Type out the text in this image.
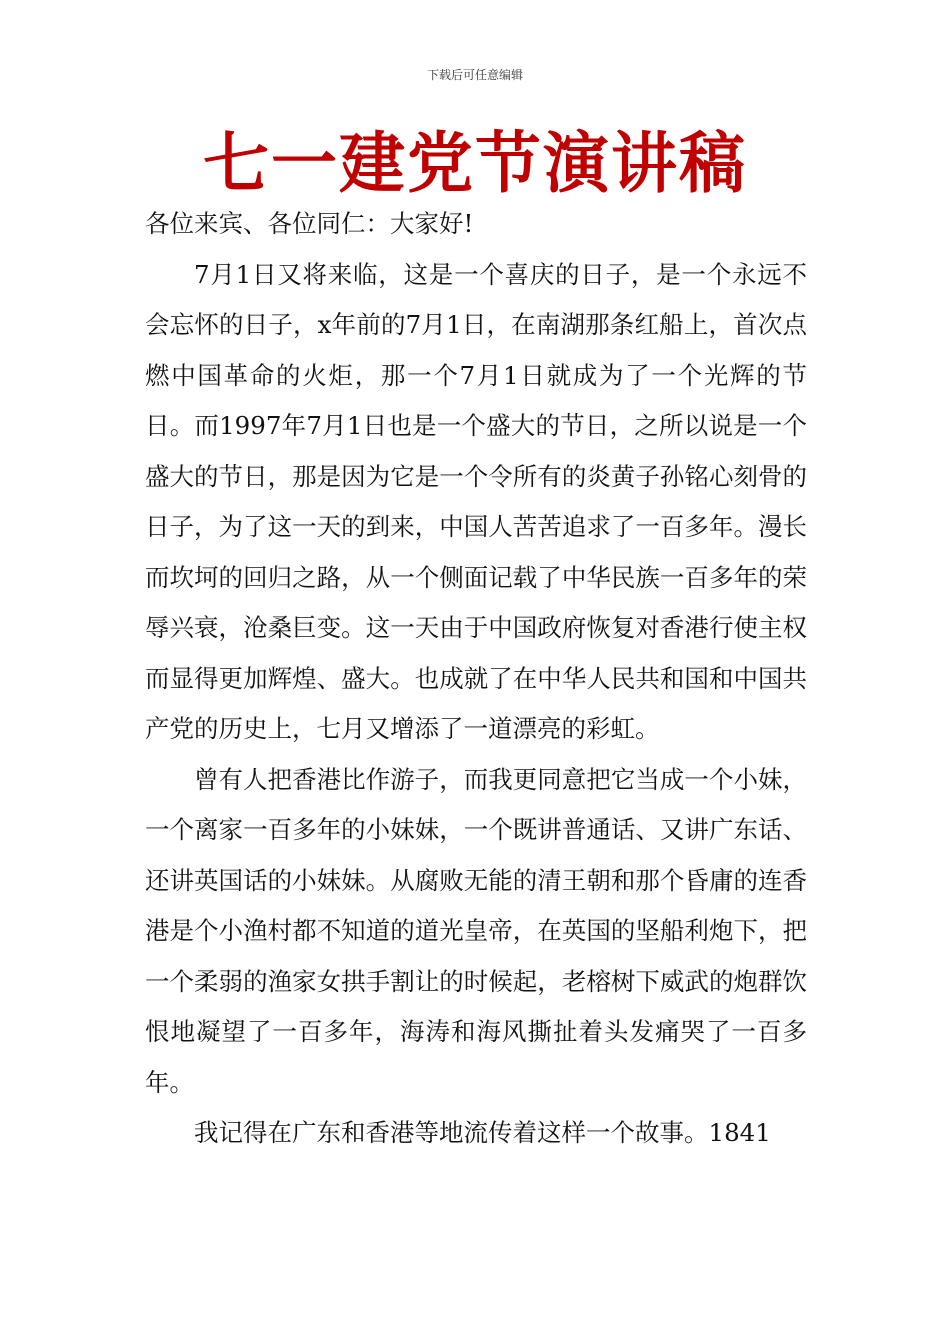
下载后可任意编辑
七一建党节演讲稿

各位来宾、各位同仁：大家好!

7月1日又将来临，这是一个喜庆的日子，是一个永远不会忘怀的日子，x年前的7月1日，在南湖那条红船上，首次点燃中国革命的火炬，那一个7月1日就成为了一个光辉的节日。而1997年7月1日也是一个盛大的节日，之所以说是一个盛大的节日，那是因为它是一个令所有的炎黄子孙铭心刻骨的日子，为了这一天的到来，中国人苦苦追求了一百多年。漫长而坎坷的回归之路，从一个侧面记载了中华民族一百多年的荣辱兴衰，沧桑巨变。这一天由于中国政府恢复对香港行使主权而显得更加辉煌、盛大。也成就了在中华人民共和国和中国共产党的历史上，七月又增添了一道漂亮的彩虹。

曾有人把香港比作游子，而我更同意把它当成一个小妹，一个离家一百多年的小妹妹，一个既讲普通话、又讲广东话、还讲英国话的小妹妹。从腐败无能的清王朝和那个昏庸的连香港是个小渔村都不知道的道光皇帝，在英国的坚船利炮下，把一个柔弱的渔家女拱手割让的时候起，老榕树下威武的炮群饮恨地凝望了一百多年，海涛和海风撕扯着头发痛哭了一百多年。

我记得在广东和香港等地流传着这样一个故事。1841
